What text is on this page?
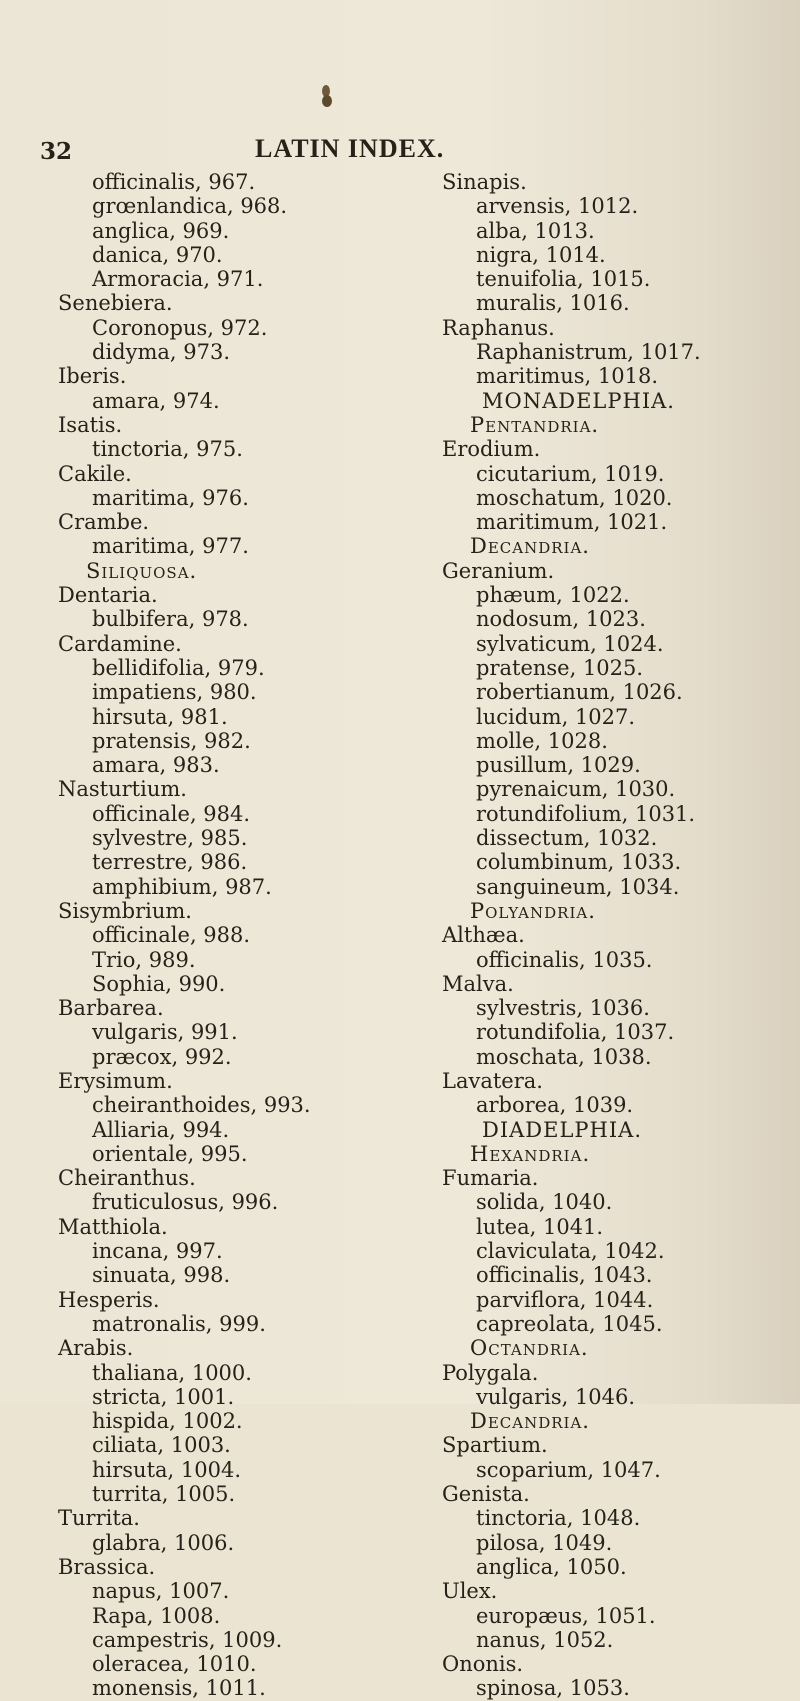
32	LATIN INDEX.
officinalis, 967.
grœnlandica, 968.
anglica, 969.
danica, 970.
Armoracia, 971.
Senebiera.
Coronopus, 972.
didyma, 973.
Iberis.
amara, 974.
Isatis.
tinctoria, 975.
Cakile.
maritima, 976.
Crambe.
maritima, 977.
Siliquosa.
Dentaria.
bulbifera, 978.
Cardamine.
bellidifolia, 979.
impatiens, 980.
hirsuta, 981.
pratensis, 982.
amara, 983.
Nasturtium.
officinale, 984.
sylvestre, 985.
terrestre, 986.
amphibium, 987.
Sisymbrium.
officinale, 988.
Trio, 989.
Sophia, 990.
Barbarea.
vulgaris, 991.
præcox, 992.
Erysimum.
cheiranthoides, 993.
Alliaria, 994.
orientale, 995.
Cheiranthus.
fruticulosus, 996.
Matthiola.
incana, 997.
sinuata, 998.
Hesperis.
matronalis, 999.
Arabis.
thaliana, 1000.
stricta, 1001.
hispida, 1002.
ciliata, 1003.
hirsuta, 1004.
turrita, 1005.
Turrita.
glabra, 1006.
Brassica.
napus, 1007.
Rapa, 1008.
campestris, 1009.
oleracea, 1010.
monensis, 1011.
Sinapis.
arvensis, 1012.
alba, 1013.
nigra, 1014.
tenuifolia, 1015.
muralis, 1016.
Raphanus.
Raphanistrum, 1017.
maritimus, 1018.
MONADELPHIA.
Pentandria.
Erodium.
cicutarium, 1019.
moschatum, 1020.
maritimum, 1021.
Decandria.
Geranium.
phæum, 1022.
nodosum, 1023.
sylvaticum, 1024.
pratense, 1025.
robertianum, 1026.
lucidum, 1027.
molle, 1028.
pusillum, 1029.
pyrenaicum, 1030.
rotundifolium, 1031.
dissectum, 1032.
columbinum, 1033.
sanguineum, 1034.
Polyandria.
Althæa.
officinalis, 1035.
Malva.
sylvestris, 1036.
rotundifolia, 1037.
moschata, 1038.
Lavatera.
arborea, 1039.
DIADELPHIA.
Hexandria.
Fumaria.
solida, 1040.
lutea, 1041.
claviculata, 1042.
officinalis, 1043.
parviflora, 1044.
capreolata, 1045.
Octandria.
Polygala.
vulgaris, 1046.
Decandria.
Spartium.
scoparium, 1047.
Genista.
tinctoria, 1048.
pilosa, 1049.
anglica, 1050.
Ulex.
europæus, 1051.
nanus, 1052.
Ononis.
spinosa, 1053.
